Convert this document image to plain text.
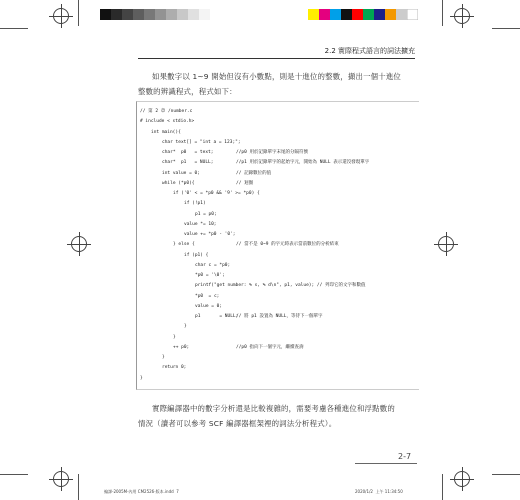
2.2 實際程式語言的詞法擴充

如果數字以 1~9 開始但沒有小數點，則是十進位的整數，擷出一個十進位

整數的辨識程式，程式如下：
// 第 2 章 /number.c
# include < stdio.h>
int main(){
char text[] = "int a = 123;";
char*  p0   = text;	//p0 用於記錄單字末尾的分隔符號
char*  p1   = NULL;	//p1 用於記錄單字的起始字元，開始為 NULL 表示還沒發現單字
int value = 0;	// 記錄數位的值
while (*p0){	// 迴圈
if ('0' < = *p0 && '9' >= *p0) {
if (!p1)
p1 = p0;
value *= 10;
value += *p0 - '0';
} else {	// 當不是 0~9 的字元時表示當前數位的分析結束
if (p1) {
char c = *p0;
*p0 = '\0';
printf("get number: % s, % d\n", p1, value); // 列印它的文字和數值
*p0  = c;
value = 0;
p1       = NULL;
// 將 p1 設置為 NULL，等待下一個單字
}
}
++ p0;	//p0 指向下一個字元，繼續查詢
}
return 0;
}

實際編譯器中的數字分析還是比較複雜的，需要考慮各種進位和浮點數的

情況（讀者可以參考 SCF 編譯器框架裡的詞法分析程式）。
2-7
編譯-2005M-內用 CM2526-版本.indd  7	2020/1/2  上午 11:34:50
